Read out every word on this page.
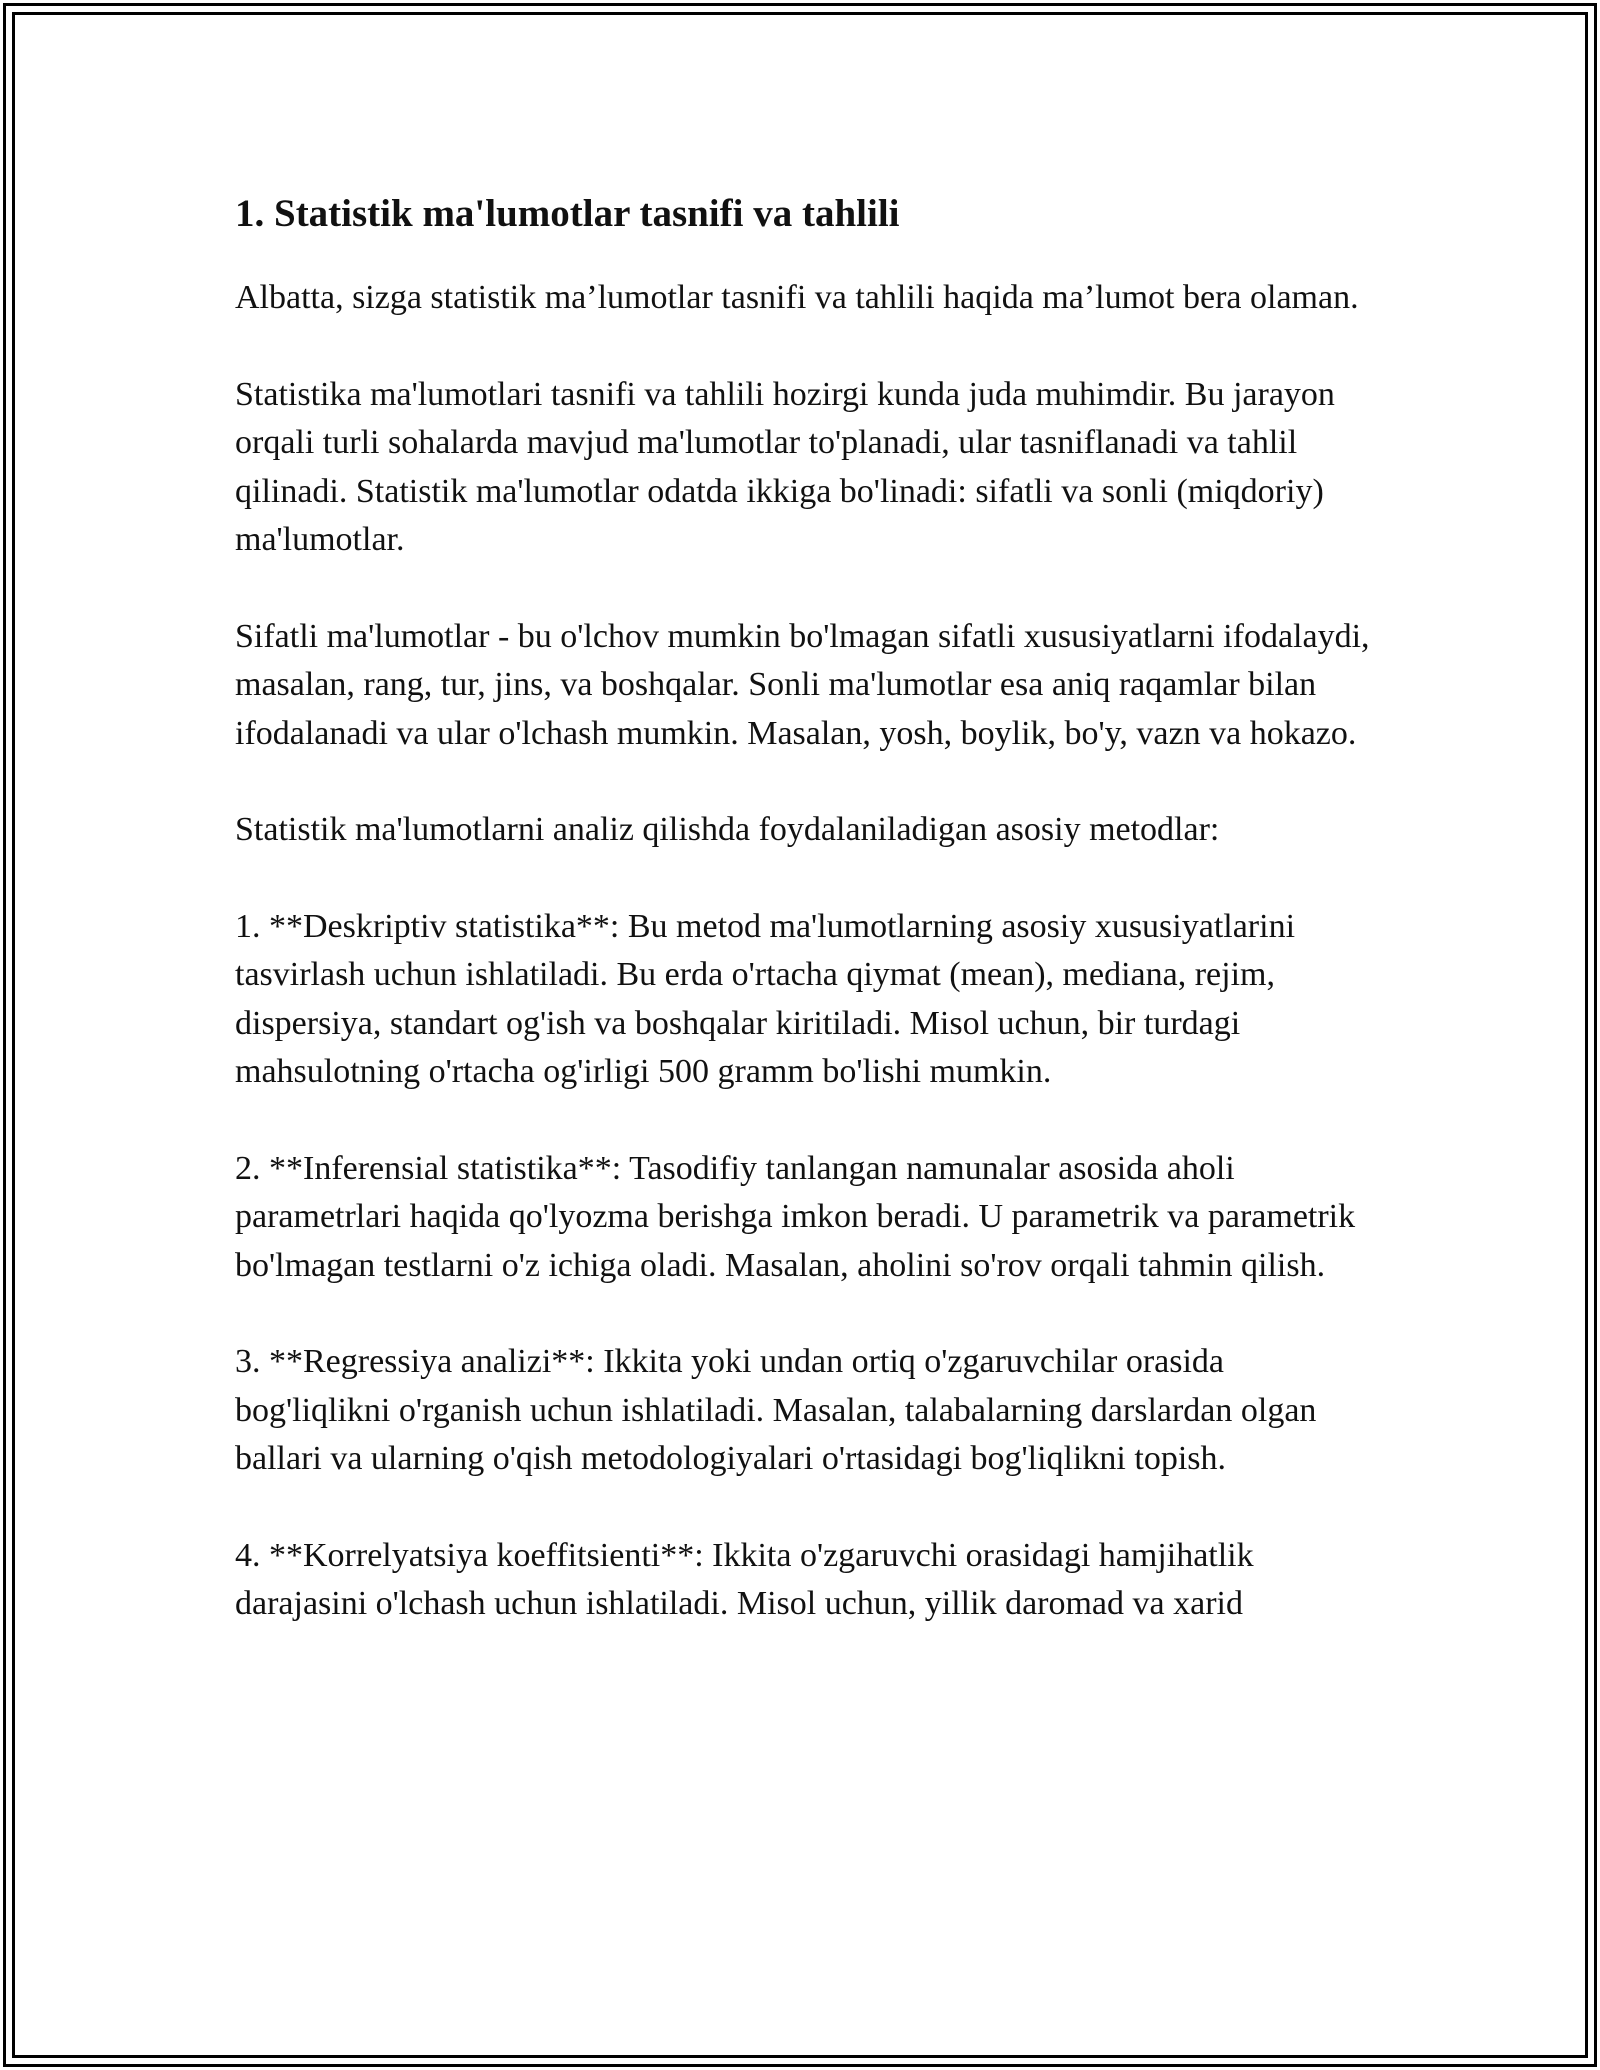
1. Statistik ma'lumotlar tasnifi va tahlili

Albatta, sizga statistik ma’lumotlar tasnifi va tahlili haqida ma’lumot bera olaman.

Statistika ma'lumotlari tasnifi va tahlili hozirgi kunda juda muhimdir. Bu jarayon orqali turli sohalarda mavjud ma'lumotlar to'planadi, ular tasniflanadi va tahlil qilinadi. Statistik ma'lumotlar odatda ikkiga bo'linadi: sifatli va sonli (miqdoriy) ma'lumotlar.

Sifatli ma'lumotlar - bu o'lchov mumkin bo'lmagan sifatli xususiyatlarni ifodalaydi, masalan, rang, tur, jins, va boshqalar. Sonli ma'lumotlar esa aniq raqamlar bilan ifodalanadi va ular o'lchash mumkin. Masalan, yosh, boylik, bo'y, vazn va hokazo.

Statistik ma'lumotlarni analiz qilishda foydalaniladigan asosiy metodlar:

1. **Deskriptiv statistika**: Bu metod ma'lumotlarning asosiy xususiyatlarini tasvirlash uchun ishlatiladi. Bu erda o'rtacha qiymat (mean), mediana, rejim, dispersiya, standart og'ish va boshqalar kiritiladi. Misol uchun, bir turdagi mahsulotning o'rtacha og'irligi 500 gramm bo'lishi mumkin.

2. **Inferensial statistika**: Tasodifiy tanlangan namunalar asosida aholi parametrlari haqida qo'lyozma berishga imkon beradi. U parametrik va parametrik bo'lmagan testlarni o'z ichiga oladi. Masalan, aholini so'rov orqali tahmin qilish.

3. **Regressiya analizi**: Ikkita yoki undan ortiq o'zgaruvchilar orasida bog'liqlikni o'rganish uchun ishlatiladi. Masalan, talabalarning darslardan olgan ballari va ularning o'qish metodologiyalari o'rtasidagi bog'liqlikni topish.

4. **Korrelyatsiya koeffitsienti**: Ikkita o'zgaruvchi orasidagi hamjihatlik darajasini o'lchash uchun ishlatiladi. Misol uchun, yillik daromad va xarid
